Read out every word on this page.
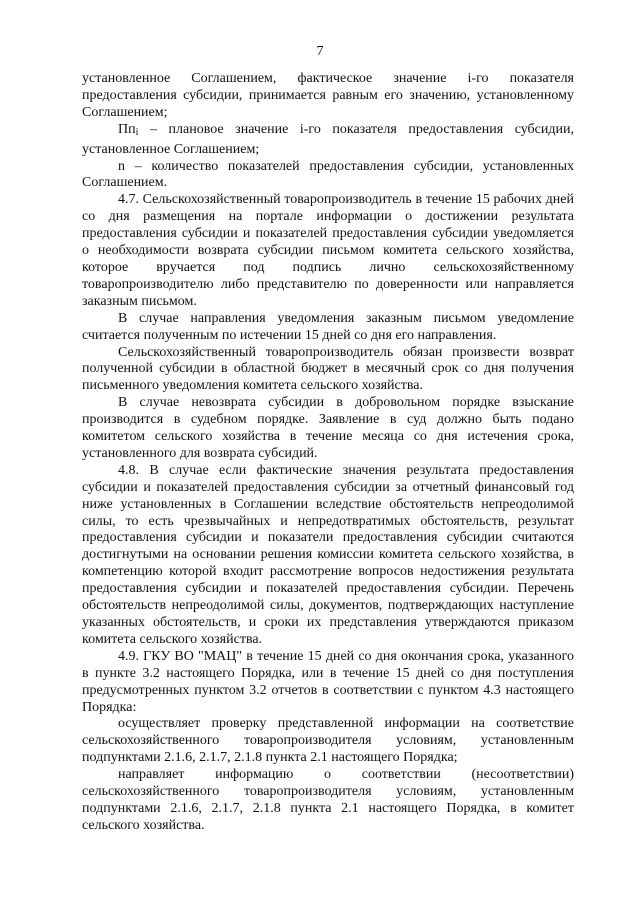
7

установленное Соглашением, фактическое значение i-го показателя предоставления субсидии, принимается равным его значению, установленному Соглашением;

Ппi – плановое значение i-го показателя предоставления субсидии, установленное Соглашением;

n – количество показателей предоставления субсидии, установленных Соглашением.

4.7. Сельскохозяйственный товаропроизводитель в течение 15 рабочих дней со дня размещения на портале информации о достижении результата предоставления субсидии и показателей предоставления субсидии уведомляется о необходимости возврата субсидии письмом комитета сельского хозяйства, которое вручается под подпись лично сельскохозяйственному товаропроизводителю либо представителю по доверенности или направляется заказным письмом.

В случае направления уведомления заказным письмом уведомление считается полученным по истечении 15 дней со дня его направления.

Сельскохозяйственный товаропроизводитель обязан произвести возврат полученной субсидии в областной бюджет в месячный срок со дня получения письменного уведомления комитета сельского хозяйства.

В случае невозврата субсидии в добровольном порядке взыскание производится в судебном порядке. Заявление в суд должно быть подано комитетом сельского хозяйства в течение месяца со дня истечения срока, установленного для возврата субсидий.

4.8. В случае если фактические значения результата предоставления субсидии и показателей предоставления субсидии за отчетный финансовый год ниже установленных в Соглашении вследствие обстоятельств непреодолимой силы, то есть чрезвычайных и непредотвратимых обстоятельств, результат предоставления субсидии и показатели предоставления субсидии считаются достигнутыми на основании решения комиссии комитета сельского хозяйства, в компетенцию которой входит рассмотрение вопросов недостижения результата предоставления субсидии и показателей предоставления субсидии. Перечень обстоятельств непреодолимой силы, документов, подтверждающих наступление указанных обстоятельств, и сроки их представления утверждаются приказом комитета сельского хозяйства.

4.9. ГКУ ВО "МАЦ" в течение 15 дней со дня окончания срока, указанного в пункте 3.2 настоящего Порядка, или в течение 15 дней со дня поступления предусмотренных пунктом 3.2 отчетов в соответствии с пунктом 4.3 настоящего Порядка:

осуществляет проверку представленной информации на соответствие сельскохозяйственного товаропроизводителя условиям, установленным подпунктами 2.1.6, 2.1.7, 2.1.8 пункта 2.1 настоящего Порядка;

направляет информацию о соответствии (несоответствии) сельскохозяйственного товаропроизводителя условиям, установленным подпунктами 2.1.6, 2.1.7, 2.1.8 пункта 2.1 настоящего Порядка, в комитет сельского хозяйства.
